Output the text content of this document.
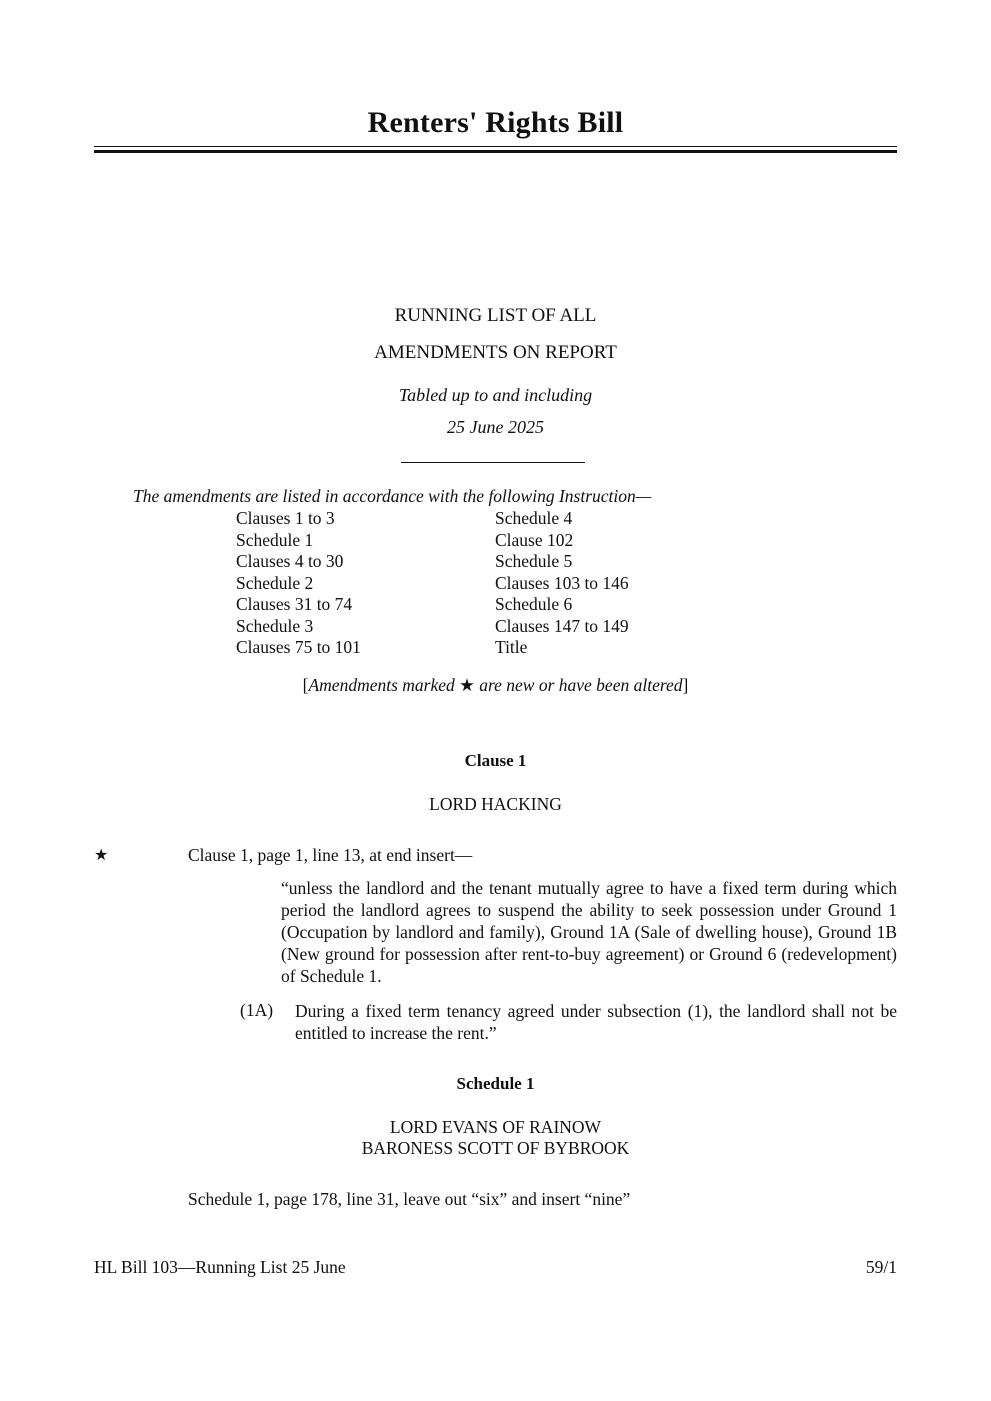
Renters' Rights Bill
RUNNING LIST OF ALL
AMENDMENTS ON REPORT
Tabled up to and including
25 June 2025
The amendments are listed in accordance with the following Instruction—
Clauses 1 to 3
Schedule 1
Clauses 4 to 30
Schedule 2
Clauses 31 to 74
Schedule 3
Clauses 75 to 101
Schedule 4
Clause 102
Schedule 5
Clauses 103 to 146
Schedule 6
Clauses 147 to 149
Title
[Amendments marked ★ are new or have been altered]
Clause 1
LORD HACKING
★	Clause 1, page 1, line 13, at end insert—
“unless the landlord and the tenant mutually agree to have a fixed term during which period the landlord agrees to suspend the ability to seek possession under Ground 1 (Occupation by landlord and family), Ground 1A (Sale of dwelling house), Ground 1B (New ground for possession after rent-to-buy agreement) or Ground 6 (redevelopment) of Schedule 1.
(1A) During a fixed term tenancy agreed under subsection (1), the landlord shall not be entitled to increase the rent.”
Schedule 1
LORD EVANS OF RAINOW
BARONESS SCOTT OF BYBROOK
Schedule 1, page 178, line 31, leave out “six” and insert “nine”
HL Bill 103—Running List 25 June	59/1
